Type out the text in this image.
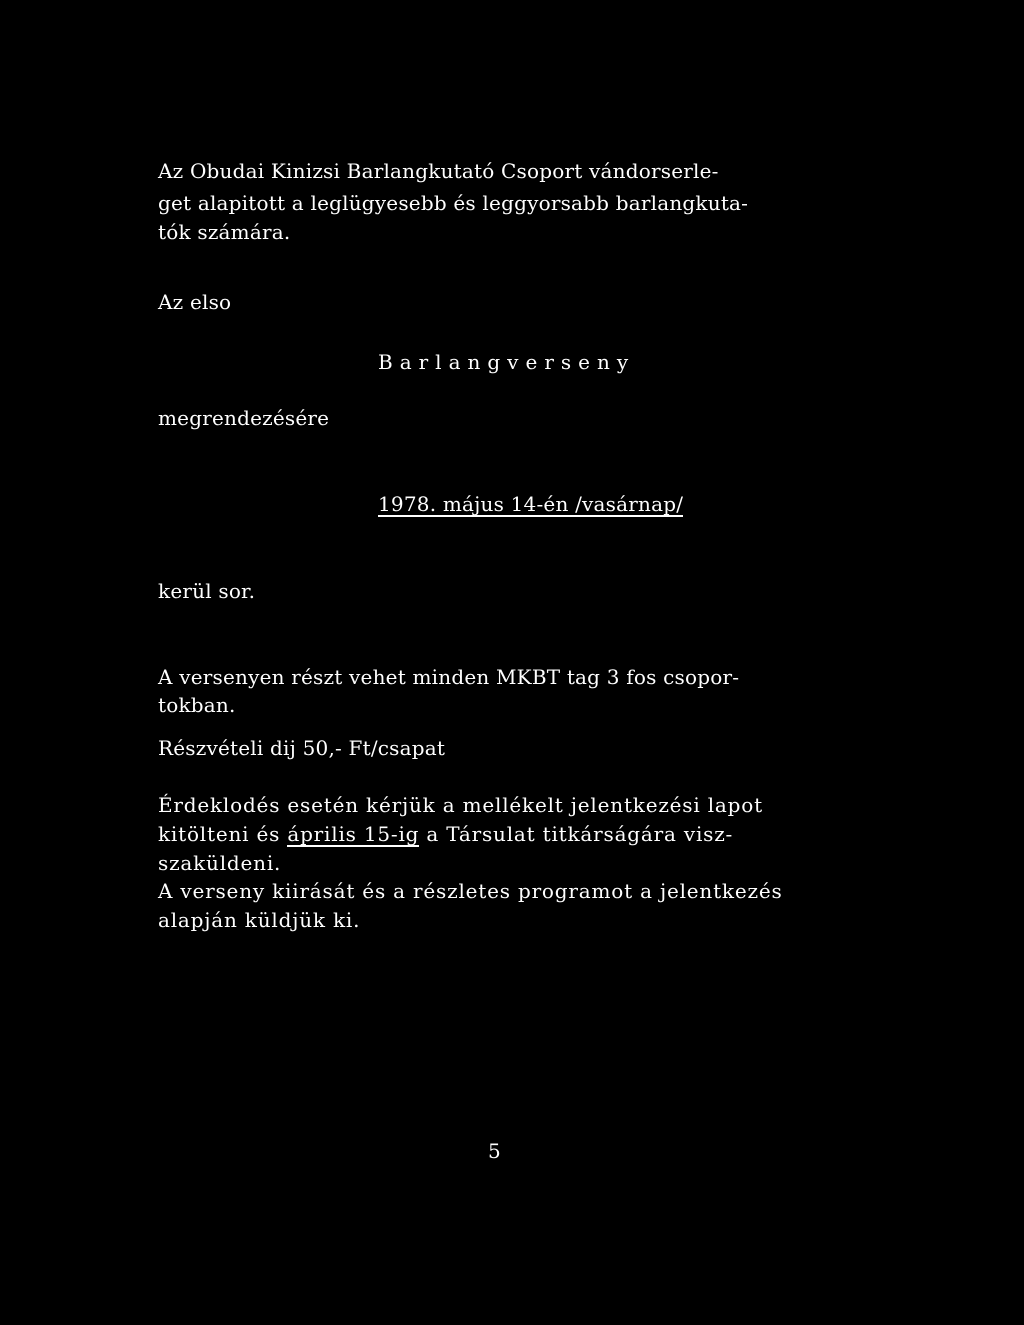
Az Obudai Kinizsi Barlangkutató Csoport vándorserle-
get alapitott a leglügyesebb és leggyorsabb barlangkuta-
tók számára.
Az elso
Barlangverseny
megrendezésére
1978. május 14-én /vasárnap/
kerül sor.
A versenyen részt vehet minden MKBT tag 3 fos csopor-
tokban.
Részvételi dij 50,- Ft/csapat
Érdeklodés esetén kérjük a mellékelt jelentkezési lapot
kitölteni és április 15-ig a Társulat titkárságára visz-
szaküldeni.
A verseny kiirását és a részletes programot a jelentkezés
alapján küldjük ki.
5
